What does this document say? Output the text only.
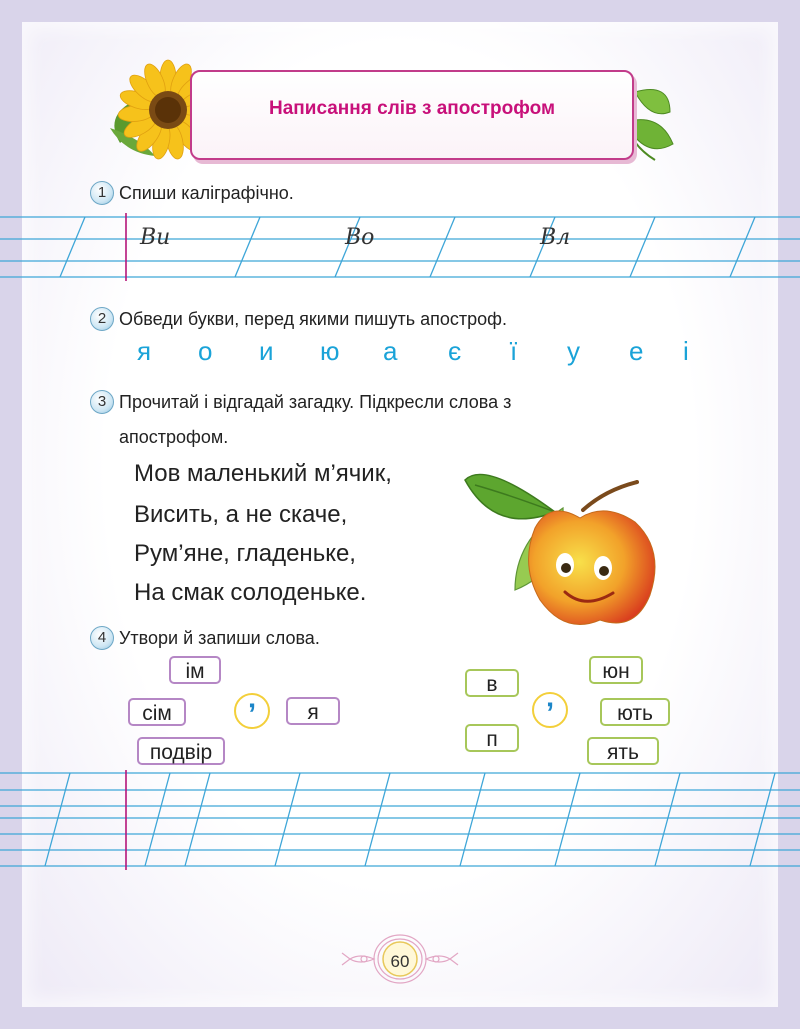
Написання слів з апострофом
1 Спиши каліграфічно.
Ви	Во	Вл
2 Обведи букви, перед якими пишуть апостроф.
я о и ю а є ї у е і
3 Прочитай і відгадай загадку. Підкресли слова з
апострофом.
Мов маленький м’ячик,
Висить, а не скаче,
Рум’яне, гладеньке,
На смак солоденьке.
4 Утвори й запиши слова.
ім
сім
подвір
’	я
в
п
’
юн
ють
ять
60
